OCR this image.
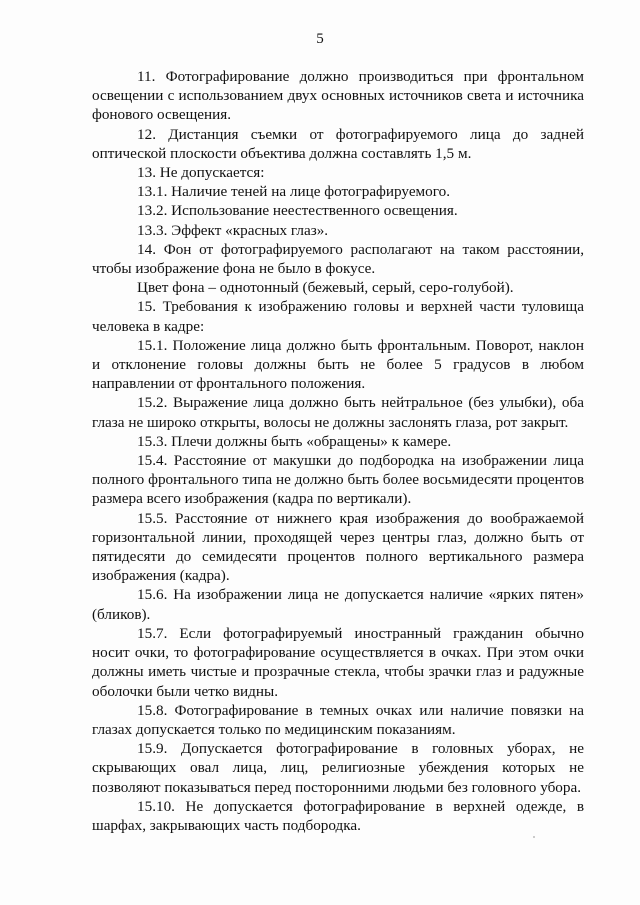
5

11. Фотографирование должно производиться при фронтальном освещении с использованием двух основных источников света и источника фонового освещения.

12. Дистанция съемки от фотографируемого лица до задней оптической плоскости объектива должна составлять 1,5 м.

13. Не допускается:

13.1. Наличие теней на лице фотографируемого.

13.2. Использование неестественного освещения.

13.3. Эффект «красных глаз».

14. Фон от фотографируемого располагают на таком расстоянии, чтобы изображение фона не было в фокусе.

Цвет фона – однотонный (бежевый, серый, серо-голубой).

15. Требования к изображению головы и верхней части туловища человека в кадре:

15.1. Положение лица должно быть фронтальным. Поворот, наклон и отклонение головы должны быть не более 5 градусов в любом направлении от фронтального положения.

15.2. Выражение лица должно быть нейтральное (без улыбки), оба глаза не широко открыты, волосы не должны заслонять глаза, рот закрыт.

15.3. Плечи должны быть «обращены» к камере.

15.4. Расстояние от макушки до подбородка на изображении лица полного фронтального типа не должно быть более восьмидесяти процентов размера всего изображения (кадра по вертикали).

15.5. Расстояние от нижнего края изображения до воображаемой горизонтальной линии, проходящей через центры глаз, должно быть от пятидесяти до семидесяти процентов полного вертикального размера изображения (кадра).

15.6. На изображении лица не допускается наличие «ярких пятен» (бликов).

15.7. Если фотографируемый иностранный гражданин обычно носит очки, то фотографирование осуществляется в очках. При этом очки должны иметь чистые и прозрачные стекла, чтобы зрачки глаз и радужные оболочки были четко видны.

15.8. Фотографирование в темных очках или наличие повязки на глазах допускается только по медицинским показаниям.

15.9. Допускается фотографирование в головных уборах, не скрывающих овал лица, лиц, религиозные убеждения которых не позволяют показываться перед посторонними людьми без головного убора.

15.10. Не допускается фотографирование в верхней одежде, в шарфах, закрывающих часть подбородка.
